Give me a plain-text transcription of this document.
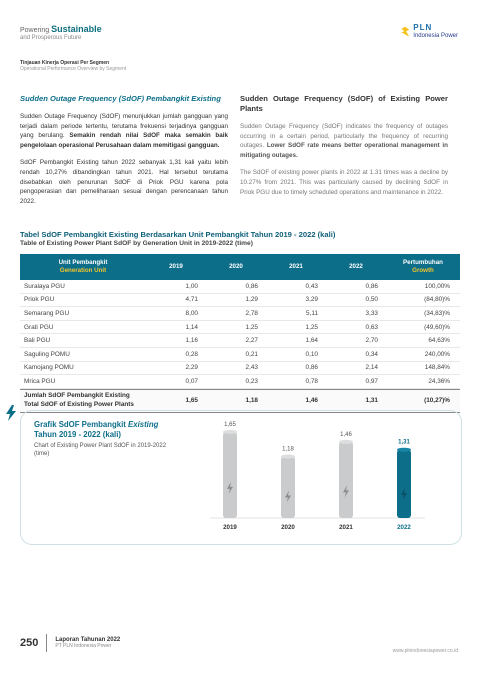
Powering Sustainable
and Prosperous Future
PLN
Indonesia Power
Tinjauan Kinerja Operasi Per Segmen
Operational Performance Overview by Segment
Sudden Outage Frequency (SdOF) Pembangkit Existing

Sudden Outage Frequency (SdOF) menunjukkan jumlah gangguan yang terjadi dalam periode tertentu, terutama frekuensi terjadinya gangguan yang berulang. Semakin rendah nilai SdOF maka semakin baik pengelolaan operasional Perusahaan dalam memitigasi gangguan.

SdOF Pembangkit Existing tahun 2022 sebanyak 1,31 kali yaitu lebih rendah 10,27% dibandingkan tahun 2021. Hal tersebut terutama disebabkan oleh penurunan SdOF di Priok PGU karena pola pengoperasian dan pemeliharaan sesuai dengan perencanaan tahun 2022.

Sudden Outage Frequency (SdOF) of Existing Power Plants

Sudden Outage Frequency (SdOF) indicates the frequency of outages occurring in a certain period, particularly the frequency of recurring outages. Lower SdOF rate means better operational management in mitigating outages.

The SdOF of existing power plants in 2022 at 1.31 times was a decline by 10.27% from 2021. This was particularly caused by declining SdOF in Priok PGU due to timely scheduled operations and maintenance in 2022.

Tabel SdOF Pembangkit Existing Berdasarkan Unit Pembangkit Tahun 2019 - 2022 (kali)
Table of Existing Power Plant SdOF by Generation Unit in 2019-2022 (time)
Unit Pembangkit
Generation Unit
2019	2020	2021	2022
Pertumbuhan
Growth
Suralaya PGU	1,00	0,86	0,43	0,86	100,00%
Priok PGU	4,71	1,29	3,29	0,50	(84,80)%
Semarang PGU	8,00	2,78	5,11	3,33	(34,83)%
Grati PGU	1,14	1,25	1,25	0,63	(49,60)%
Bali PGU	1,16	2,27	1,64	2,70	64,63%
Saguling POMU	0,28	0,21	0,10	0,34	240,00%
Kamojang POMU	2,29	2,43	0,86	2,14	148,84%
Mrica PGU	0,07	0,23	0,78	0,97	24,36%
Jumlah SdOF Pembangkit Existing
Total SdOF of Existing Power Plants	1,65	1,18	1,46	1,31	(10,27)%
Grafik SdOF Pembangkit Existing
Tahun 2019 - 2022 (kali)
Chart of Existing Power Plant SdOF in 2019-2022 (time)
1,65
2019
1,18
2020
1,46
2021
1,31
2022
250	Laporan Tahunan 2022
PT PLN Indonesia Power
www.plnindonesiapower.co.id
